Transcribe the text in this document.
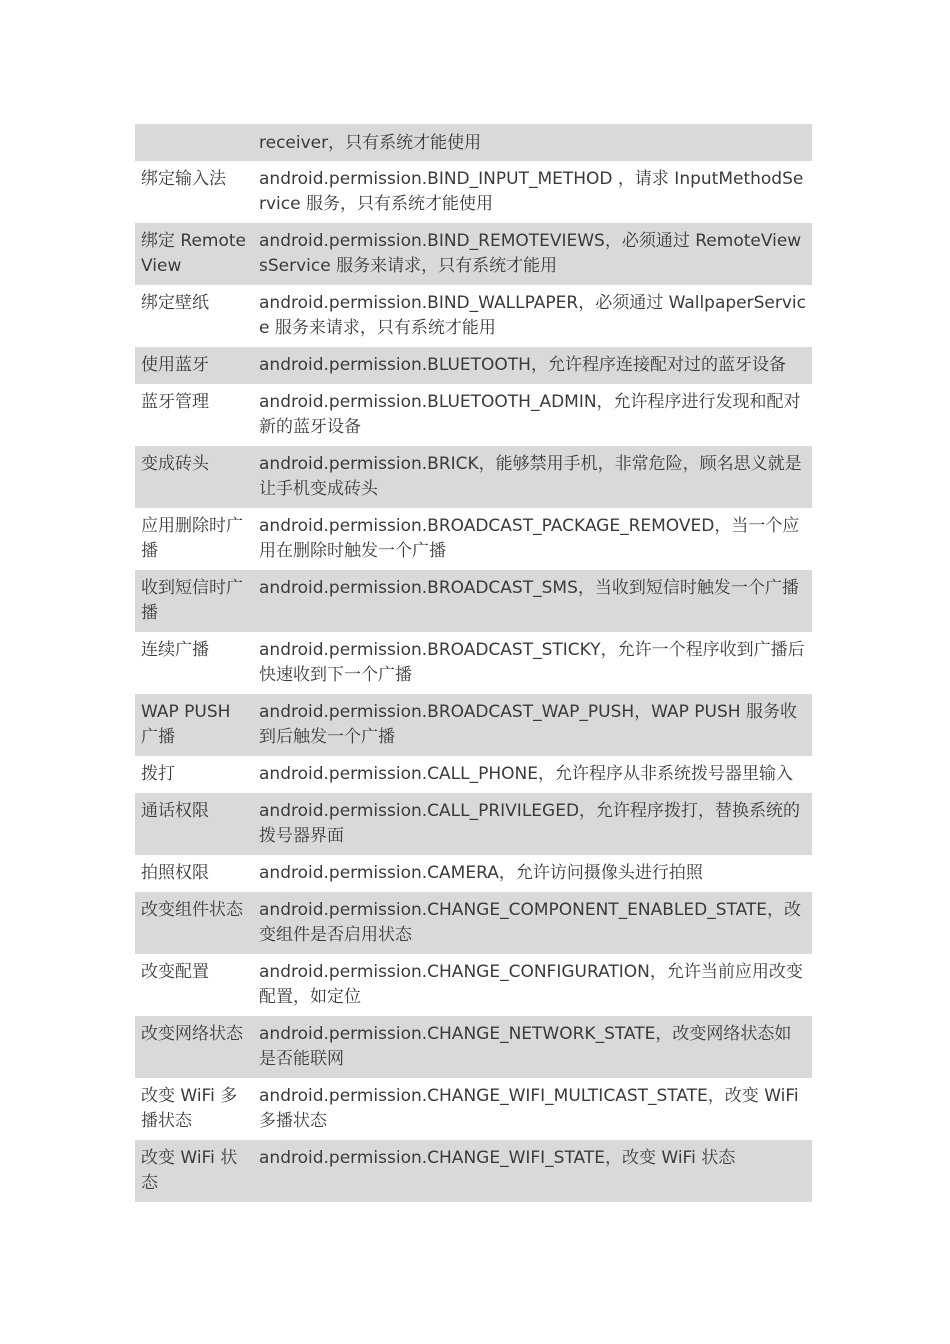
	receiver，只有系统才能使用
绑定输入法	android.permission.BIND_INPUT_METHOD ，请求 InputMethodService 服务，只有系统才能使用
绑定 RemoteView	android.permission.BIND_REMOTEVIEWS，必须通过 RemoteViewsService 服务来请求，只有系统才能用
绑定壁纸	android.permission.BIND_WALLPAPER，必须通过 WallpaperService 服务来请求，只有系统才能用
使用蓝牙	android.permission.BLUETOOTH，允许程序连接配对过的蓝牙设备
蓝牙管理	android.permission.BLUETOOTH_ADMIN，允许程序进行发现和配对新的蓝牙设备
变成砖头	android.permission.BRICK，能够禁用手机，非常危险，顾名思义就是让手机变成砖头
应用删除时广播	android.permission.BROADCAST_PACKAGE_REMOVED，当一个应用在删除时触发一个广播
收到短信时广播	android.permission.BROADCAST_SMS，当收到短信时触发一个广播
连续广播	android.permission.BROADCAST_STICKY，允许一个程序收到广播后快速收到下一个广播
WAP PUSH 广播	android.permission.BROADCAST_WAP_PUSH，WAP PUSH 服务收到后触发一个广播
拨打	android.permission.CALL_PHONE，允许程序从非系统拨号器里输入
通话权限	android.permission.CALL_PRIVILEGED，允许程序拨打，替换系统的拨号器界面
拍照权限	android.permission.CAMERA，允许访问摄像头进行拍照
改变组件状态	android.permission.CHANGE_COMPONENT_ENABLED_STATE，改变组件是否启用状态
改变配置	android.permission.CHANGE_CONFIGURATION，允许当前应用改变配置，如定位
改变网络状态	android.permission.CHANGE_NETWORK_STATE，改变网络状态如是否能联网
改变 WiFi 多播状态	android.permission.CHANGE_WIFI_MULTICAST_STATE，改变 WiFi 多播状态
改变 WiFi 状态	android.permission.CHANGE_WIFI_STATE，改变 WiFi 状态
